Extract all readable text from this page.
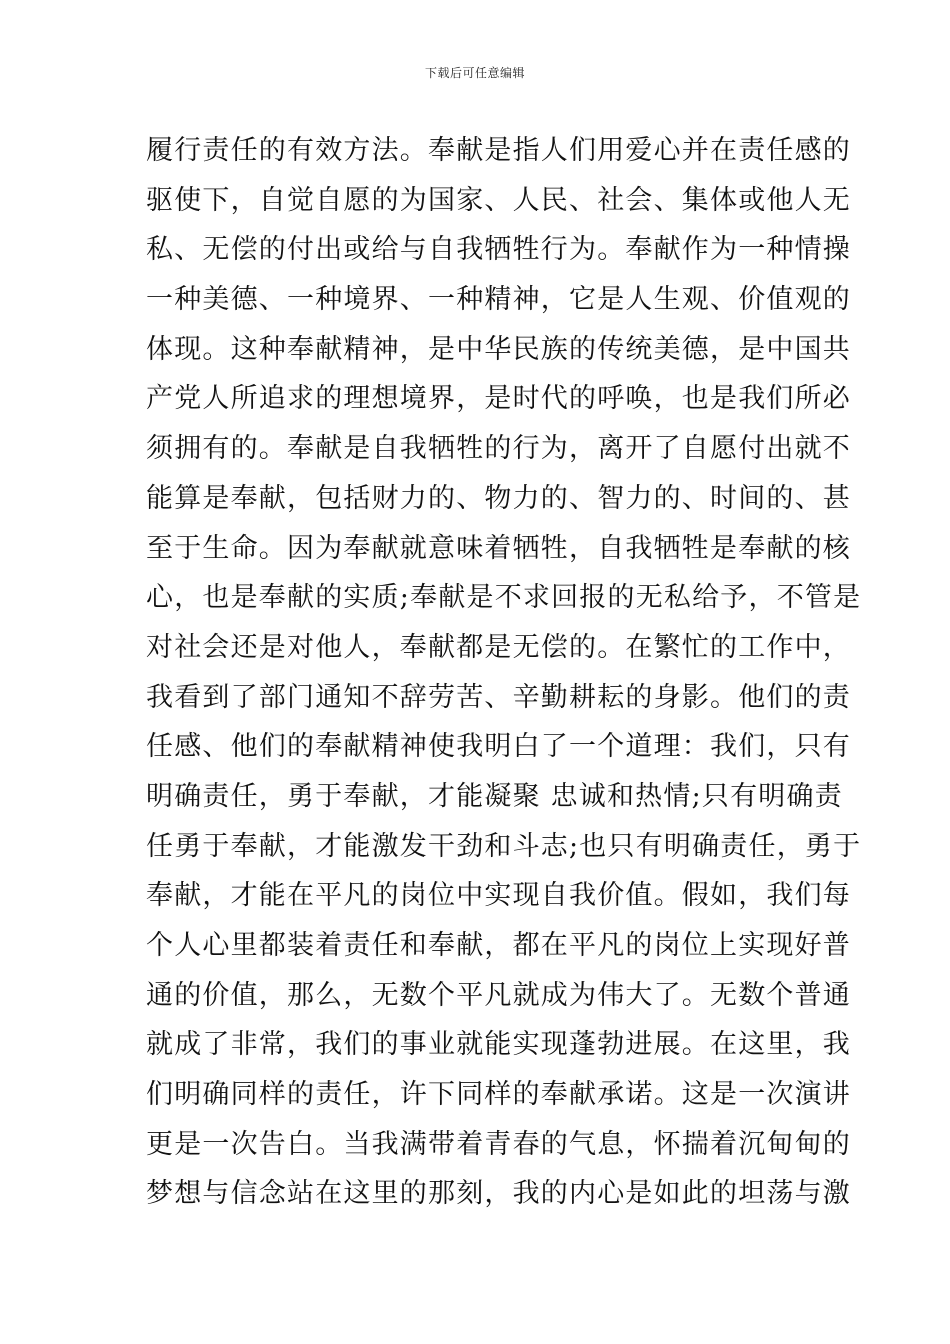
下载后可任意编辑
履行责任的有效方法。奉献是指人们用爱心并在责任感的
驱使下，自觉自愿的为国家、人民、社会、集体或他人无
私、无偿的付出或给与自我牺牲行为。奉献作为一种情操
一种美德、一种境界、一种精神，它是人生观、价值观的
体现。这种奉献精神，是中华民族的传统美德，是中国共
产党人所追求的理想境界，是时代的呼唤，也是我们所必
须拥有的。奉献是自我牺牲的行为，离开了自愿付出就不
能算是奉献，包括财力的、物力的、智力的、时间的、甚
至于生命。因为奉献就意味着牺牲，自我牺牲是奉献的核
心，也是奉献的实质;奉献是不求回报的无私给予，不管是
对社会还是对他人，奉献都是无偿的。在繁忙的工作中，
我看到了部门通知不辞劳苦、辛勤耕耘的身影。他们的责
任感、他们的奉献精神使我明白了一个道理：我们，只有
明确责任，勇于奉献，才能凝聚 忠诚和热情;只有明确责
任勇于奉献，才能激发干劲和斗志;也只有明确责任，勇于
奉献，才能在平凡的岗位中实现自我价值。假如，我们每
个人心里都装着责任和奉献，都在平凡的岗位上实现好普
通的价值，那么，无数个平凡就成为伟大了。无数个普通
就成了非常，我们的事业就能实现蓬勃进展。在这里，我
们明确同样的责任，许下同样的奉献承诺。这是一次演讲
更是一次告白。当我满带着青春的气息，怀揣着沉甸甸的
梦想与信念站在这里的那刻，我的内心是如此的坦荡与激
